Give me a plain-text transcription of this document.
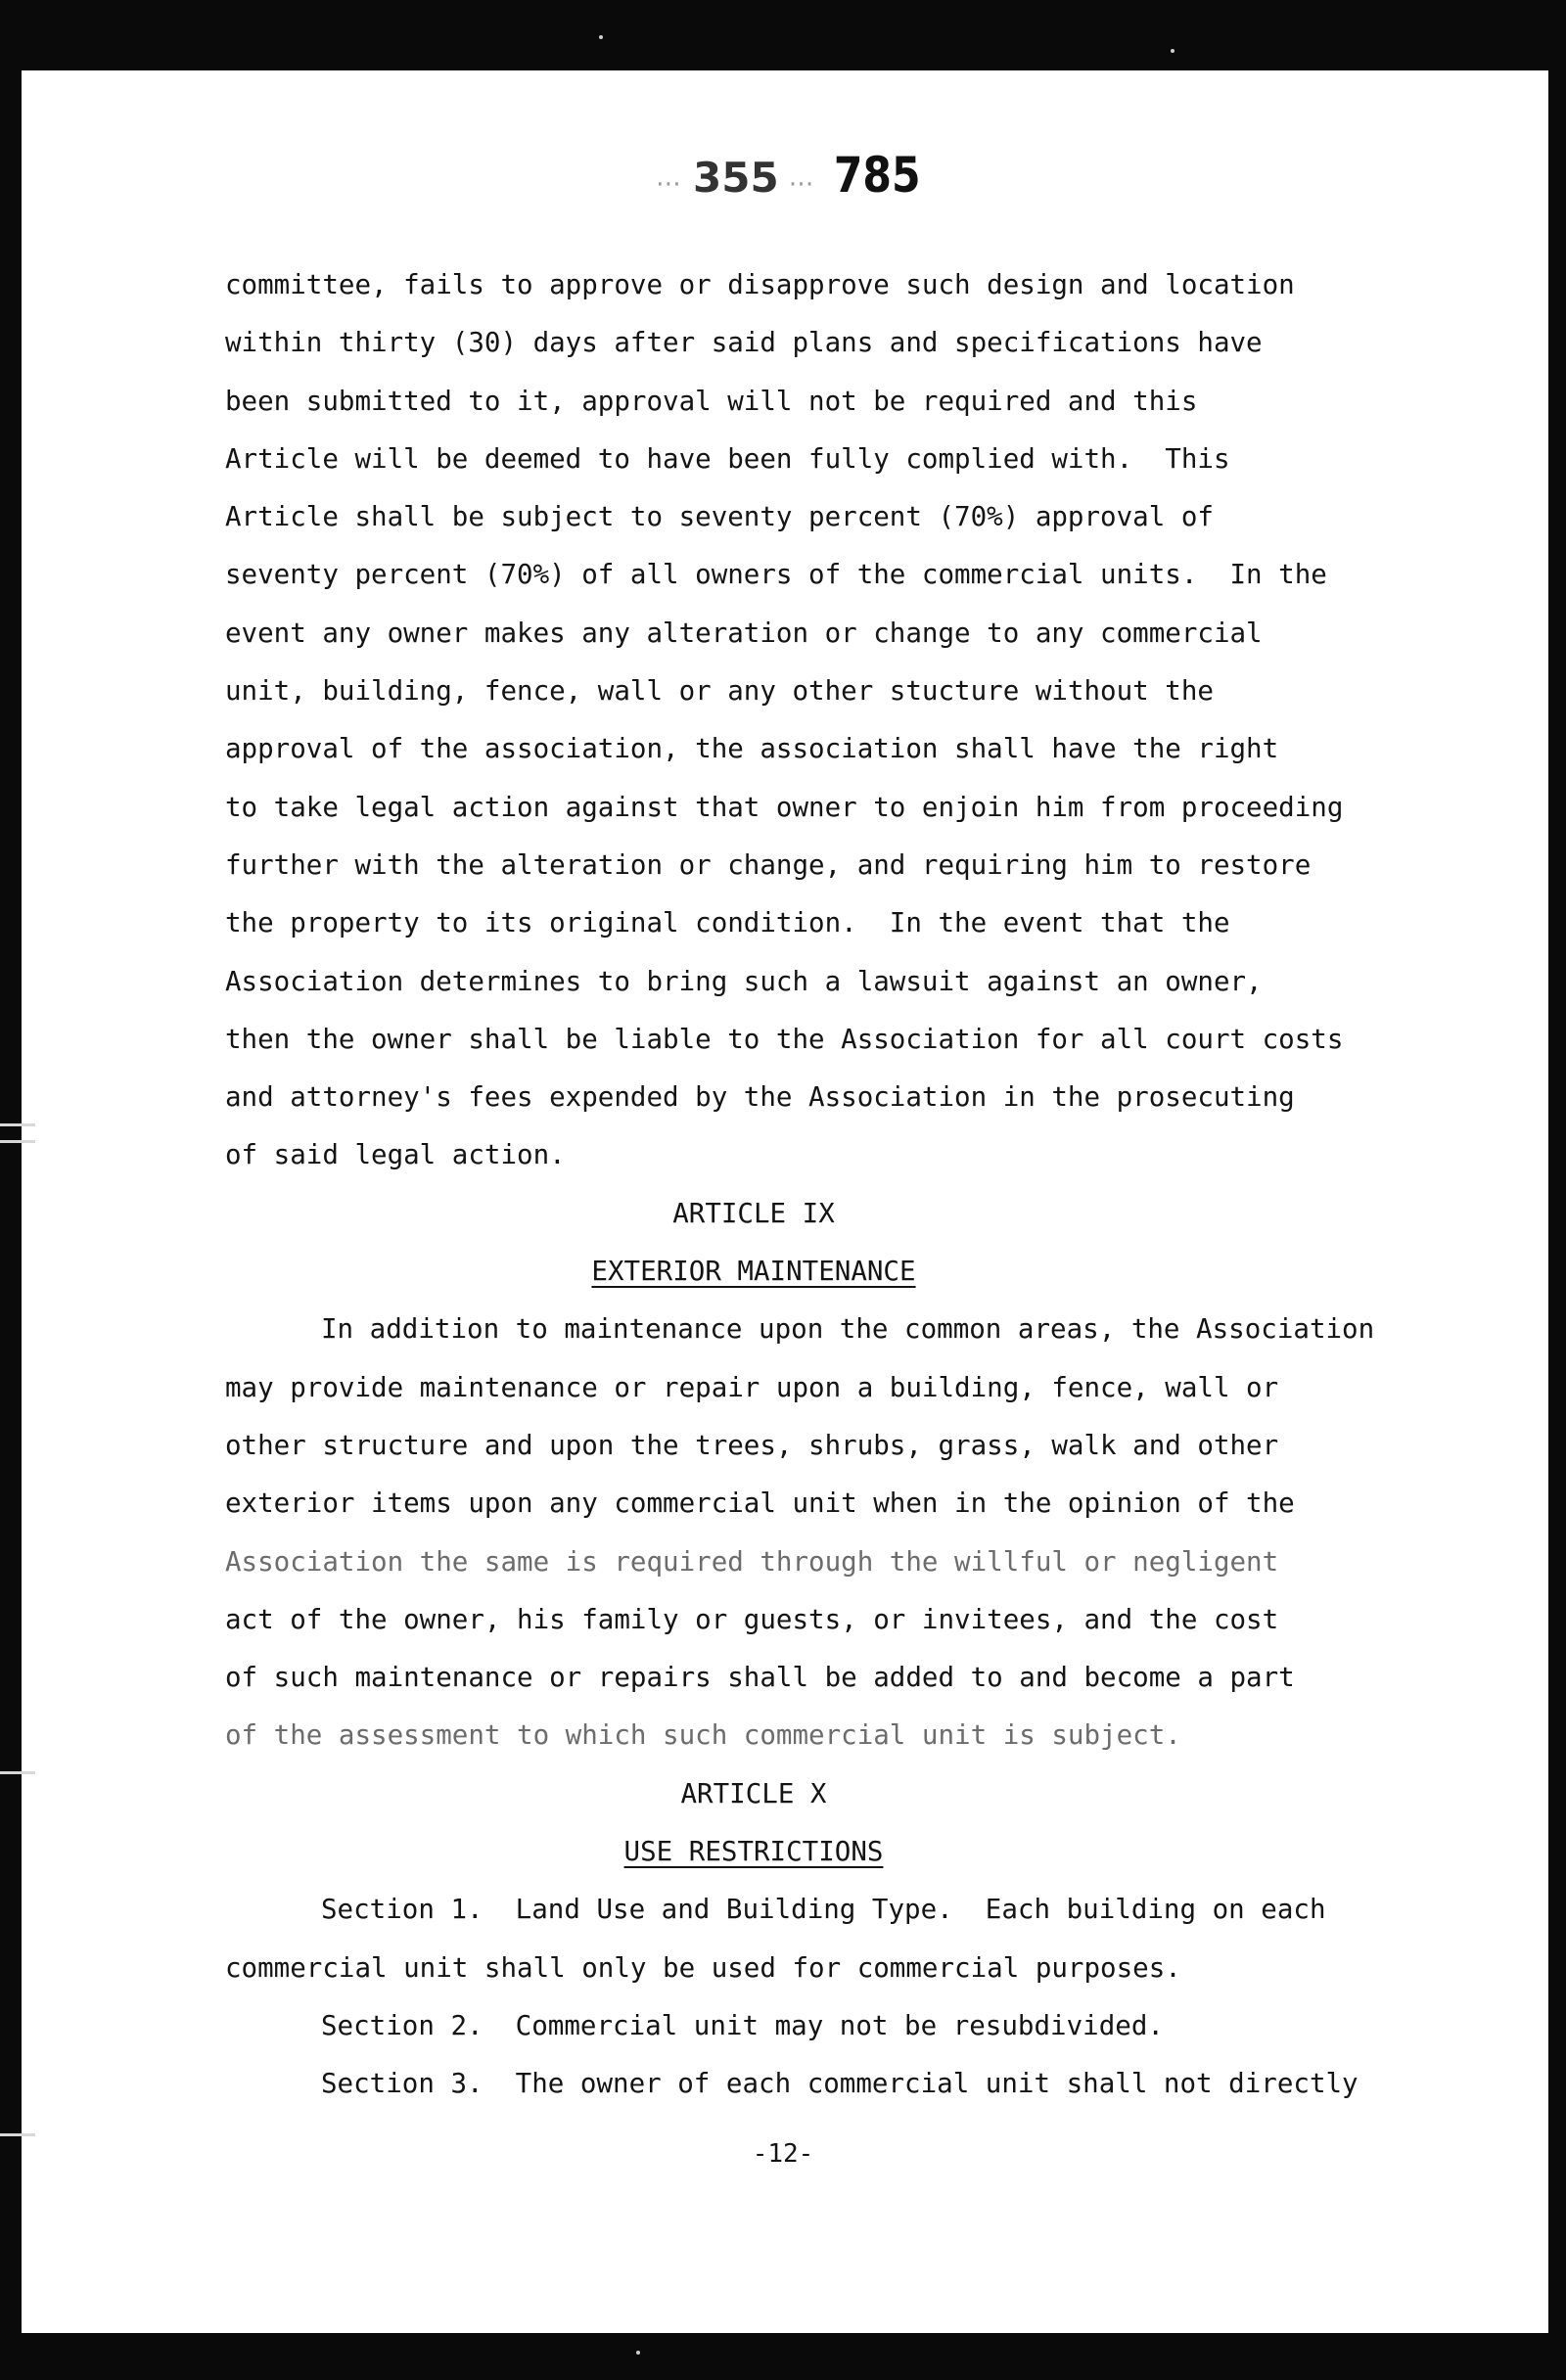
⋯ 355 ⋯ 785
committee, fails to approve or disapprove such design and location
within thirty (30) days after said plans and specifications have
been submitted to it, approval will not be required and this
Article will be deemed to have been fully complied with.  This
Article shall be subject to seventy percent (70%) approval of
seventy percent (70%) of all owners of the commercial units.  In the
event any owner makes any alteration or change to any commercial
unit, building, fence, wall or any other stucture without the
approval of the association, the association shall have the right
to take legal action against that owner to enjoin him from proceeding
further with the alteration or change, and requiring him to restore
the property to its original condition.  In the event that the
Association determines to bring such a lawsuit against an owner,
then the owner shall be liable to the Association for all court costs
and attorney's fees expended by the Association in the prosecuting
of said legal action.
ARTICLE IX
EXTERIOR MAINTENANCE
In addition to maintenance upon the common areas, the Association
may provide maintenance or repair upon a building, fence, wall or
other structure and upon the trees, shrubs, grass, walk and other
exterior items upon any commercial unit when in the opinion of the
Association the same is required through the willful or negligent
act of the owner, his family or guests, or invitees, and the cost
of such maintenance or repairs shall be added to and become a part
of the assessment to which such commercial unit is subject.
ARTICLE X
USE RESTRICTIONS
Section 1.  Land Use and Building Type.  Each building on each
commercial unit shall only be used for commercial purposes.
Section 2.  Commercial unit may not be resubdivided.
Section 3.  The owner of each commercial unit shall not directly
-12-
